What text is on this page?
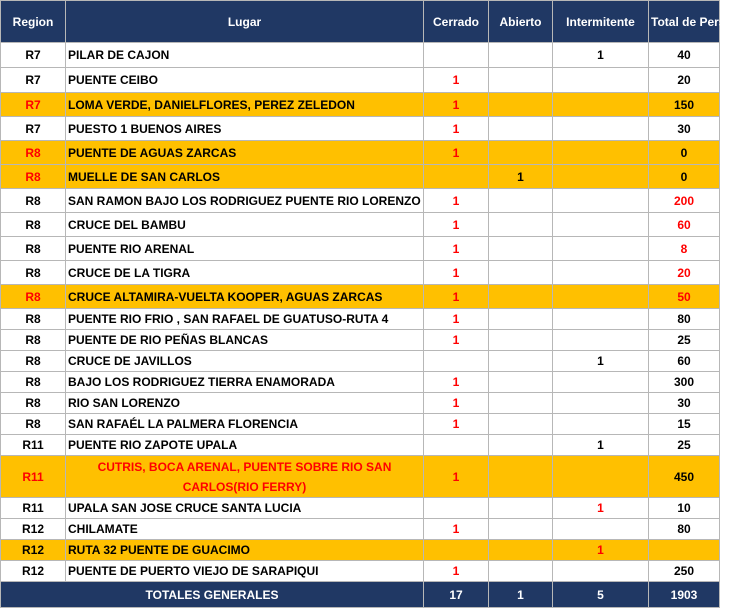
Region	Lugar	Cerrado	Abierto	Intermitente	Total de Persona
R7	PILAR DE CAJON			1	40
R7	PUENTE CEIBO	1			20
R7	LOMA VERDE, DANIELFLORES, PEREZ ZELEDON	1			150
R7	PUESTO 1 BUENOS AIRES	1			30
R8	PUENTE DE AGUAS ZARCAS	1			0
R8	MUELLE DE SAN CARLOS		1		0
R8	SAN RAMON BAJO LOS RODRIGUEZ PUENTE RIO LORENZO	1			200
R8	CRUCE DEL BAMBU	1			60
R8	PUENTE RIO ARENAL	1			8
R8	CRUCE DE LA TIGRA	1			20
R8	CRUCE ALTAMIRA-VUELTA KOOPER, AGUAS ZARCAS	1			50
R8	PUENTE RIO FRIO , SAN RAFAEL DE GUATUSO-RUTA 4	1			80
R8	PUENTE DE RIO PEÑAS BLANCAS	1			25
R8	CRUCE DE JAVILLOS			1	60
R8	BAJO LOS RODRIGUEZ TIERRA ENAMORADA	1			300
R8	RIO SAN LORENZO	1			30
R8	SAN RAFAÉL LA PALMERA FLORENCIA	1			15
R11	PUENTE RIO ZAPOTE UPALA			1	25
R11	CUTRIS, BOCA ARENAL, PUENTE SOBRE RIO SAN CARLOS(RIO FERRY)	1			450
R11	UPALA SAN JOSE CRUCE SANTA LUCIA			1	10
R12	CHILAMATE	1			80
R12	RUTA 32 PUENTE DE GUACIMO			1	
R12	PUENTE DE PUERTO VIEJO DE SARAPIQUI	1			250
TOTALES GENERALES		17	1	5	1903
